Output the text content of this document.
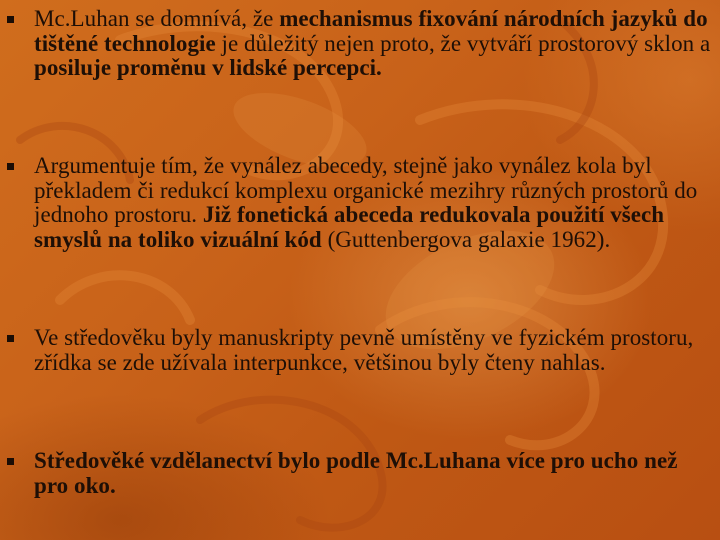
Mc.Luhan se domnívá, že mechanismus fixování národních jazyků do tištěné technologie je důležitý nejen proto, že vytváří prostorový sklon a posiluje proměnu v lidské percepci.

Argumentuje tím, že vynález abecedy, stejně jako vynález kola byl překladem či redukcí komplexu organické mezihry různých prostorů do jednoho prostoru. Již fonetická abeceda redukovala použití všech smyslů na toliko vizuální kód (Guttenbergova galaxie 1962).

Ve středověku byly manuskripty pevně umístěny ve fyzickém prostoru, zřídka se zde užívala interpunkce, většinou byly čteny nahlas.

Středověké vzdělanectví bylo podle Mc.Luhana více pro ucho než pro oko.
